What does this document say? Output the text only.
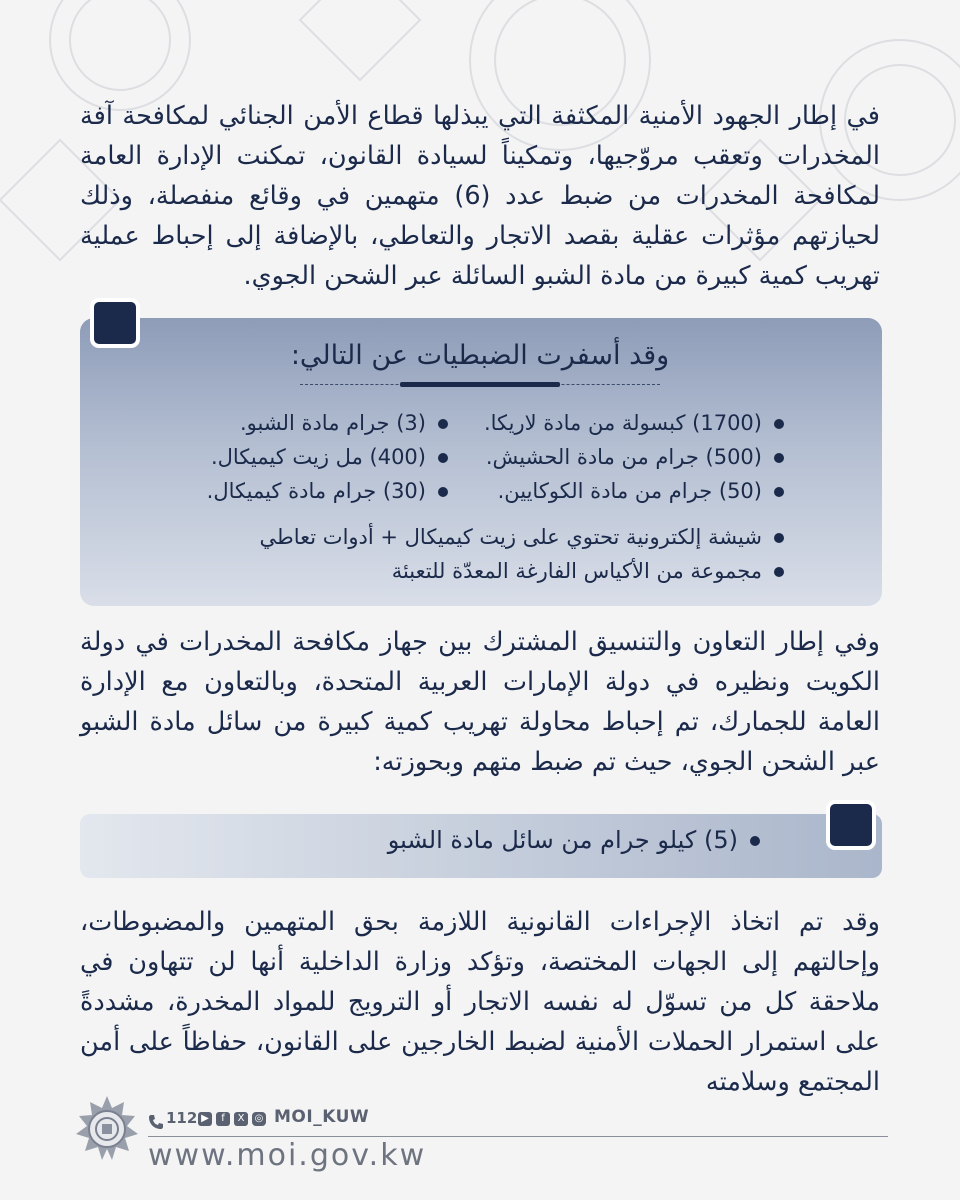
في إطار الجهود الأمنية المكثفة التي يبذلها قطاع الأمن الجنائي لمكافحة آفة المخدرات وتعقب مروّجيها، وتمكيناً لسيادة القانون، تمكنت الإدارة العامة لمكافحة المخدرات من ضبط عدد (6) متهمين في وقائع منفصلة، وذلك لحيازتهم مؤثرات عقلية بقصد الاتجار والتعاطي، بالإضافة إلى إحباط عملية تهريب كمية كبيرة من مادة الشبو السائلة عبر الشحن الجوي.

وقد أسفرت الضبطيات عن التالي:
(1700) كبسولة من مادة لاريكا.
(500) جرام من مادة الحشيش.
(50) جرام من مادة الكوكايين.
(3) جرام مادة الشبو.
(400) مل زيت كيميكال.
(30) جرام مادة كيميكال.
شيشة إلكترونية تحتوي على زيت كيميكال + أدوات تعاطي
مجموعة من الأكياس الفارغة المعدّة للتعبئة

وفي إطار التعاون والتنسيق المشترك بين جهاز مكافحة المخدرات في دولة الكويت ونظيره في دولة الإمارات العربية المتحدة، وبالتعاون مع الإدارة العامة للجمارك، تم إحباط محاولة تهريب كمية كبيرة من سائل مادة الشبو عبر الشحن الجوي، حيث تم ضبط متهم وبحوزته:

(5) كيلو جرام من سائل مادة الشبو

وقد تم اتخاذ الإجراءات القانونية اللازمة بحق المتهمين والمضبوطات، وإحالتهم إلى الجهات المختصة، وتؤكد وزارة الداخلية أنها لن تتهاون في ملاحقة كل من تسوّل له نفسه الاتجار أو الترويج للمواد المخدرة، مشددةً على استمرار الحملات الأمنية لضبط الخارجين على القانون، حفاظاً على أمن المجتمع وسلامته

112 ▶	f	X	◎ MOI_KUW
www.moi.gov.kw
